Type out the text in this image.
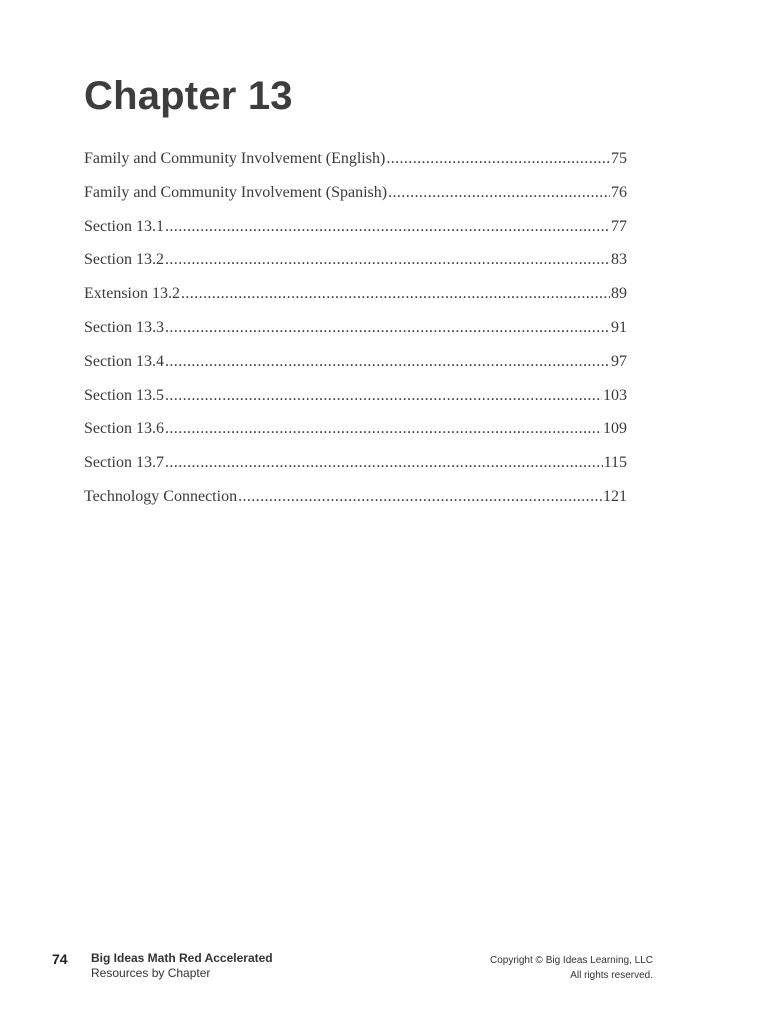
Chapter 13
Family and Community Involvement (English) .....	75
Family and Community Involvement (Spanish) .....	76
Section 13.1 .....	77
Section 13.2 .....	83
Extension 13.2 .....	89
Section 13.3 .....	91
Section 13.4 .....	97
Section 13.5 .....	103
Section 13.6 .....	109
Section 13.7 .....	115
Technology Connection .....	121
74 Big Ideas Math Red Accelerated
Resources by Chapter
Copyright © Big Ideas Learning, LLC
All rights reserved.
